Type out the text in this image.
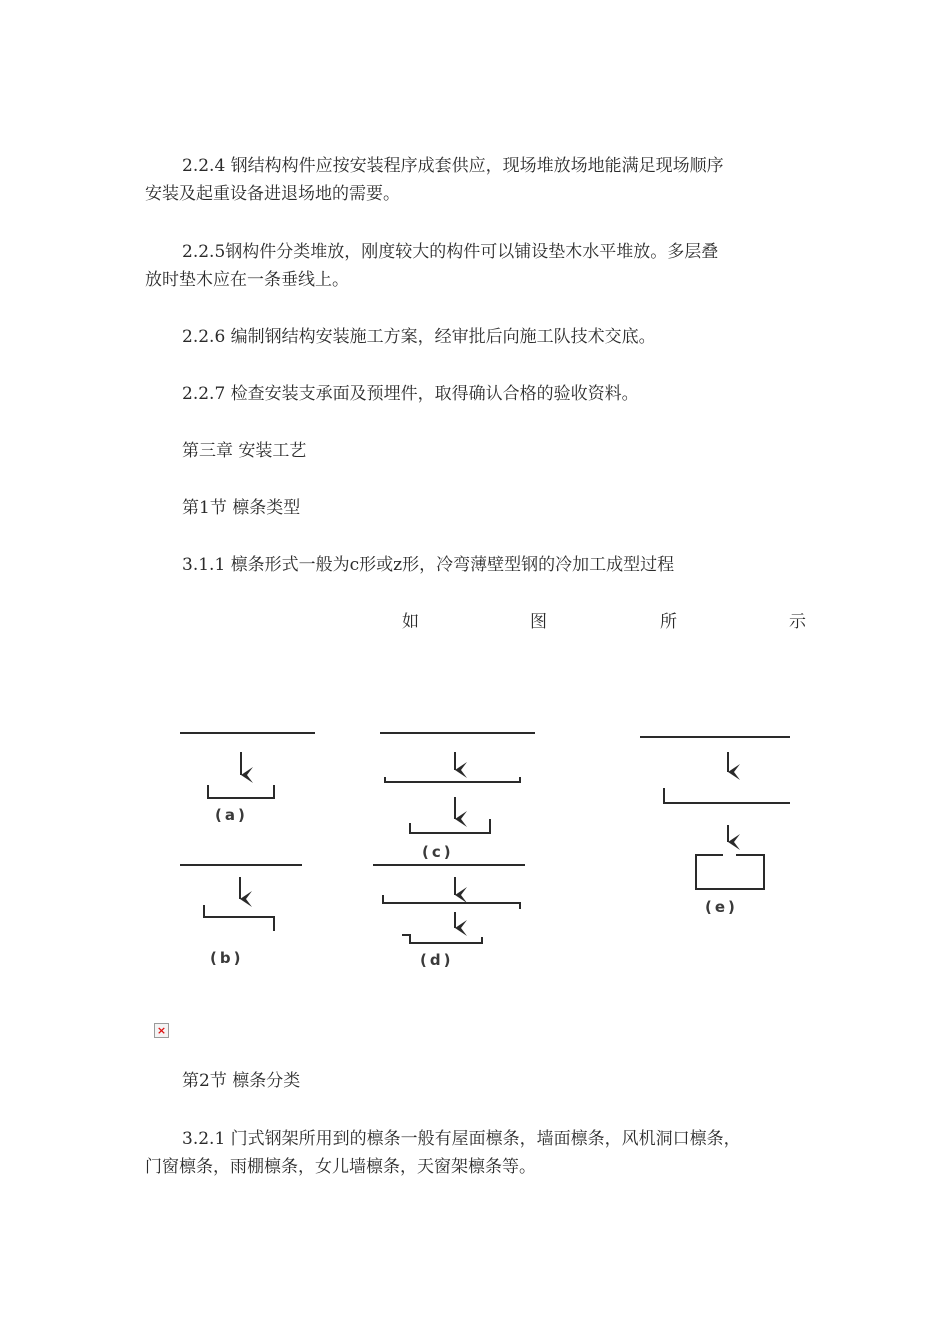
2.2.4 钢结构构件应按安装程序成套供应，现场堆放场地能满足现场顺序
安装及起重设备进退场地的需要。
2.2.5钢构件分类堆放，刚度较大的构件可以铺设垫木水平堆放。多层叠
放时垫木应在一条垂线上。
2.2.6 编制钢结构安装施工方案，经审批后向施工队技术交底。
2.2.7 检查安装支承面及预埋件，取得确认合格的验收资料。
第三章 安装工艺
第1节 檩条类型
3.1.1 檩条形式一般为c形或z形，冷弯薄壁型钢的冷加工成型过程
如	图	所	示
(a)
(b)
(c)
(d)
(e)
×
第2节 檩条分类
3.2.1 门式钢架所用到的檩条一般有屋面檩条，墙面檩条，风机洞口檩条，
门窗檩条，雨棚檩条，女儿墙檩条，天窗架檩条等。
